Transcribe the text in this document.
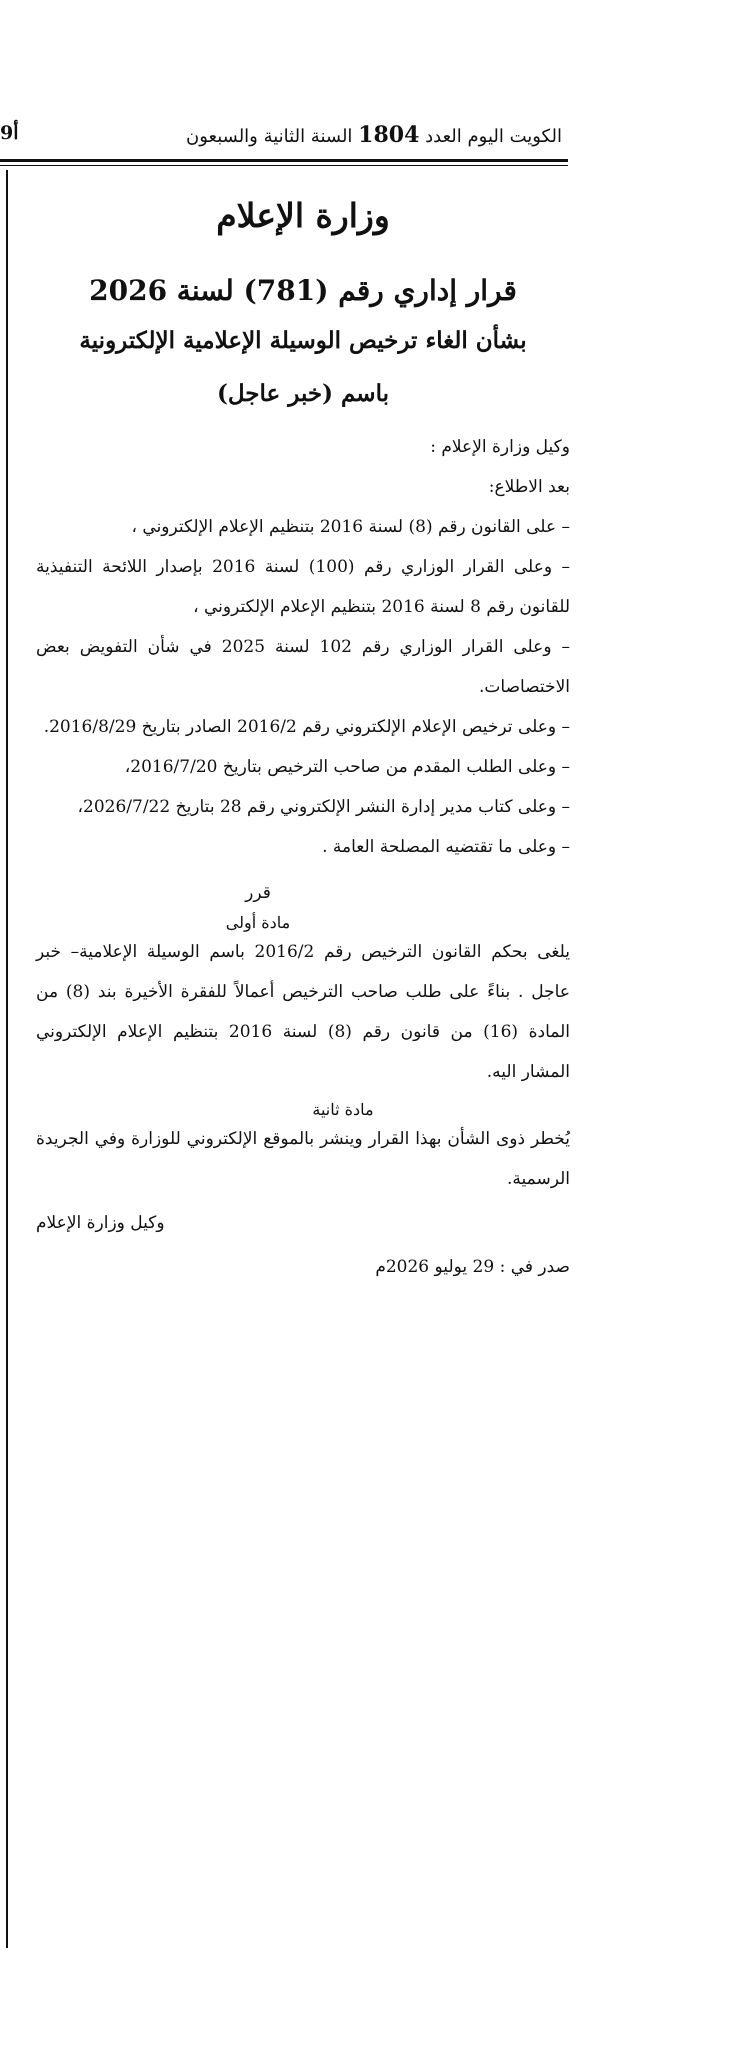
9أ	الكويت اليوم العدد 1804 السنة الثانية والسبعون
وزارة الإعلام
قرار إداري رقم (781) لسنة 2026
بشأن الغاء ترخيص الوسيلة الإعلامية الإلكترونية
باسم (خبر عاجل)
وكيل وزارة الإعلام :
بعد الاطلاع:
– على القانون رقم (8) لسنة 2016 بتنظيم الإعلام الإلكتروني ،
– وعلى القرار الوزاري رقم (100) لسنة 2016 بإصدار اللائحة التنفيذية للقانون رقم 8 لسنة 2016 بتنظيم الإعلام الإلكتروني ،
– وعلى القرار الوزاري رقم 102 لسنة 2025 في شأن التفويض بعض الاختصاصات.
– وعلى ترخيص الإعلام الإلكتروني رقم 2016/2 الصادر بتاريخ 2016/8/29.
– وعلى الطلب المقدم من صاحب الترخيص بتاريخ 2016/7/20،
– وعلى كتاب مدير إدارة النشر الإلكتروني رقم 28 بتاريخ 2026/7/22،
– وعلى ما تقتضيه المصلحة العامة .
قرر
مادة أولى
يلغى بحكم القانون الترخيص رقم 2016/2 باسم الوسيلة الإعلامية– خبر عاجل . بناءً على طلب صاحب الترخيص أعمالاً للفقرة الأخيرة بند (8) من المادة (16) من قانون رقم (8) لسنة 2016 بتنظيم الإعلام الإلكتروني المشار اليه.
مادة ثانية
يُخطر ذوى الشأن بهذا القرار وينشر بالموقع الإلكتروني للوزارة وفي الجريدة الرسمية.
وكيل وزارة الإعلام
صدر في : 29 يوليو 2026م
